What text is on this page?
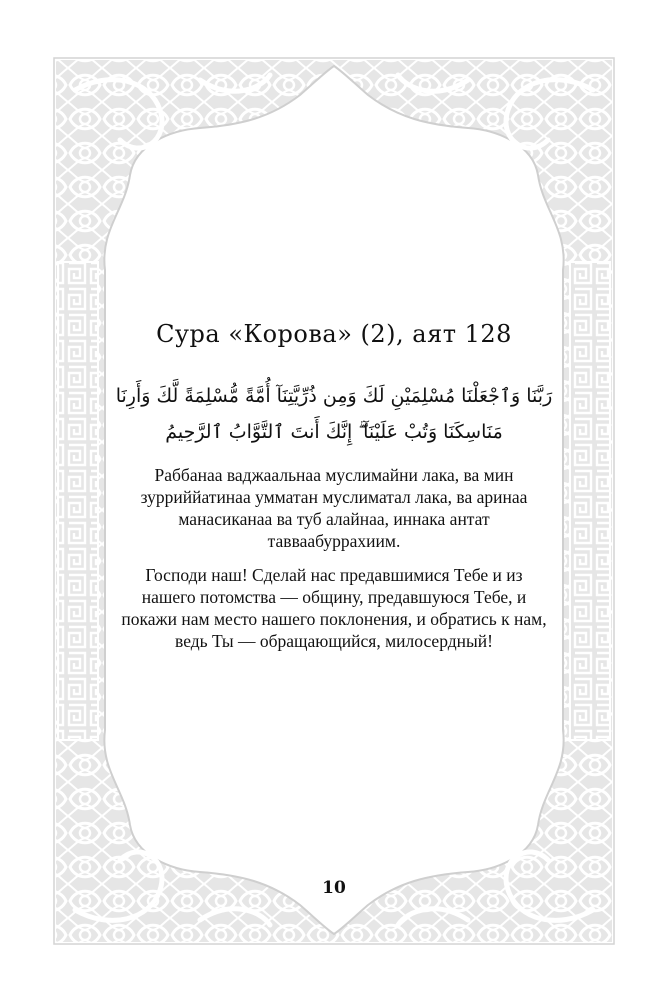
Сура «Корова» (2), аят 128

رَبَّنَا وَٱجْعَلْنَا مُسْلِمَيْنِ لَكَ وَمِن ذُرِّيَّتِنَآ أُمَّةً مُّسْلِمَةً لَّكَ وَأَرِنَا مَنَاسِكَنَا وَتُبْ عَلَيْنَآ ۖ إِنَّكَ أَنتَ ٱلتَّوَّابُ ٱلرَّحِيمُ

Раббанаа ваджаальнаа муслимайни лака, ва мин зурриййатинаа умматан муслиматал лака, ва аринаа манасиканаа ва туб алайнаа, иннака антат тавваабуррахиим.

Господи наш! Сделай нас предавшимися Тебе и из нашего потомства — общину, предавшуюся Тебе, и покажи нам место нашего поклонения, и обратись к нам, ведь Ты — обращающийся, милосердный!

10
